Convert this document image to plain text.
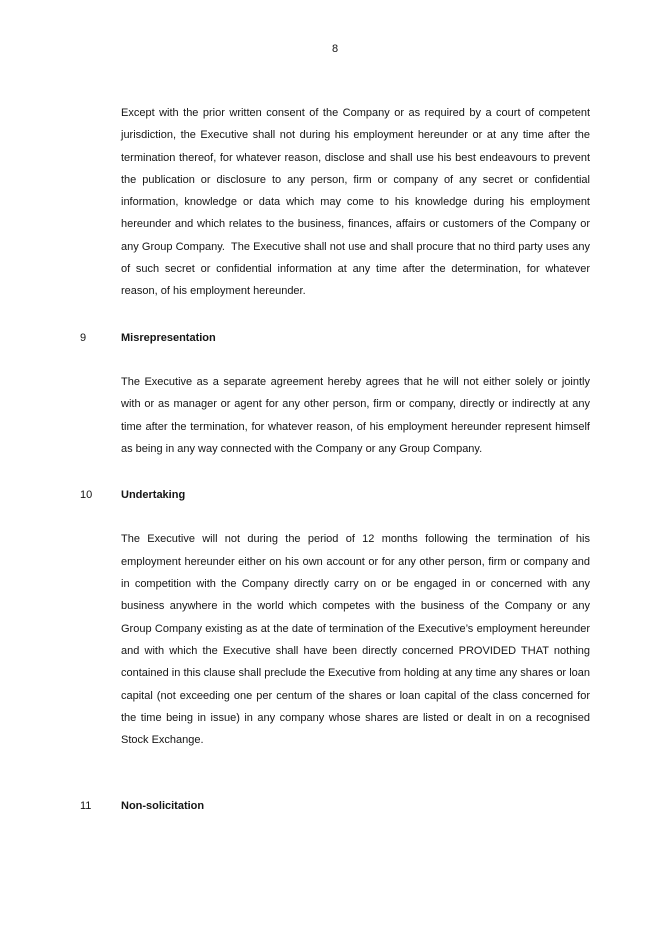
8

Except with the prior written consent of the Company or as required by a court of competent jurisdiction, the Executive shall not during his employment hereunder or at any time after the termination thereof, for whatever reason, disclose and shall use his best endeavours to prevent the publication or disclosure to any person, firm or company of any secret or confidential information, knowledge or data which may come to his knowledge during his employment hereunder and which relates to the business, finances, affairs or customers of the Company or any Group Company.  The Executive shall not use and shall procure that no third party uses any of such secret or confidential information at any time after the determination, for whatever reason, of his employment hereunder.

9	Misrepresentation

The Executive as a separate agreement hereby agrees that he will not either solely or jointly with or as manager or agent for any other person, firm or company, directly or indirectly at any time after the termination, for whatever reason, of his employment hereunder represent himself as being in any way connected with the Company or any Group Company.

10	Undertaking

The Executive will not during the period of 12 months following the termination of his employment hereunder either on his own account or for any other person, firm or company and in competition with the Company directly carry on or be engaged in or concerned with any business anywhere in the world which competes with the business of the Company or any Group Company existing as at the date of termination of the Executive’s employment hereunder and with which the Executive shall have been directly concerned PROVIDED THAT nothing contained in this clause shall preclude the Executive from holding at any time any shares or loan capital (not exceeding one per centum of the shares or loan capital of the class concerned for the time being in issue) in any company whose shares are listed or dealt in on a recognised Stock Exchange.

11	Non-solicitation
